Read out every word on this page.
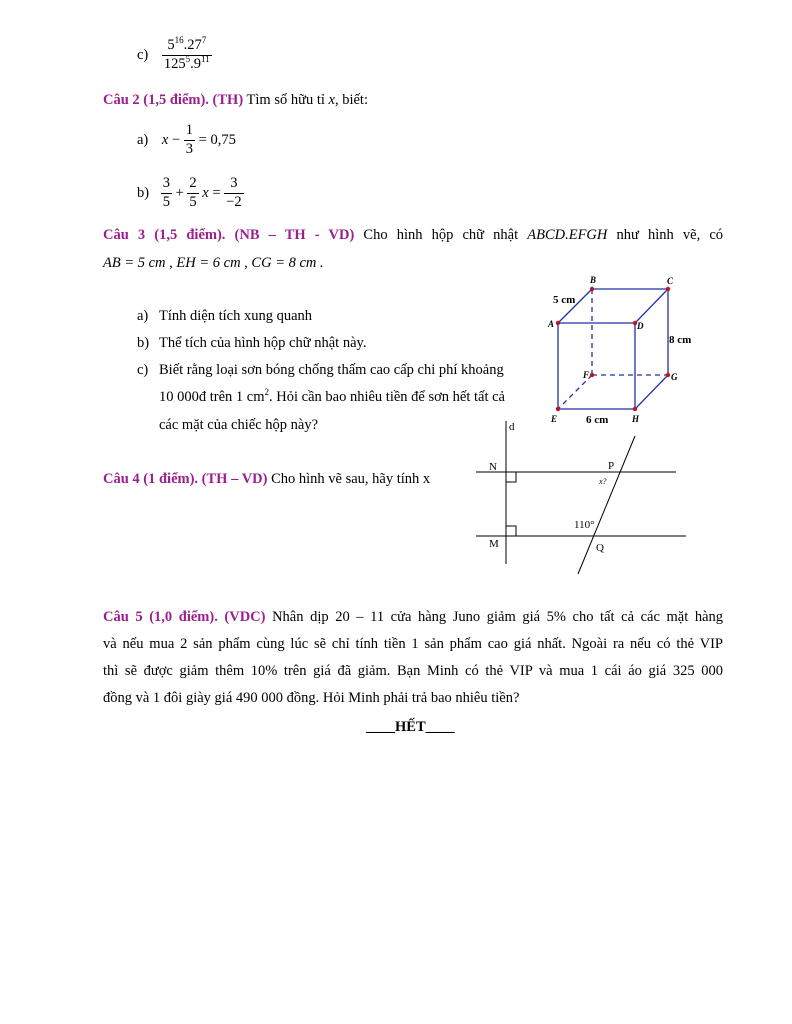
$c) \frac{5^{16}.27^7}{125^5.9^{11}}$
Câu 2 (1,5 điểm). (TH) Tìm số hữu tỉ x, biết:
a) $x - \frac{1}{3} = 0,75$
$b) \frac{3}{5} + \frac{2}{5}$ $x = \frac{3}{-2}$
Câu 3 (1,5 điểm). (NB – TH - VD) Cho hình hộp chữ nhật ABCD.EFGH như hình vẽ, có
AB = 5 cm , EH = 6 cm , CG = 8 cm .
a) Tính diện tích xung quanh
b) Thể tích của hình hộp chữ nhật này.
c) Biết rằng loại sơn bóng chống thấm cao cấp chi phí khoảng
10 000đ trên 1 $cm^2$. Hỏi cần bao nhiêu tiền để sơn hết tất cả
các mặt của chiếc hộp này?
B	C
A	D
F	G
E	H
5 cm
8 cm
6 cm
Câu 4 (1 điểm). (TH – VD) Cho hình vẽ sau, hãy tính x
d
N
M
P
Q
x?
110°
Câu 5 (1,0 điểm). (VDC) Nhân dịp 20 – 11 cửa hàng Juno giảm giá 5% cho tất cả các mặt hàng
và nếu mua 2 sản phẩm cùng lúc sẽ chỉ tính tiền 1 sản phẩm cao giá nhất. Ngoài ra nếu có thẻ VIP
thì sẽ được giảm thêm 10% trên giá đã giảm. Bạn Minh có thẻ VIP và mua 1 cái áo giá 325 000
đồng và 1 đôi giày giá 490 000 đồng. Hỏi Minh phải trả bao nhiêu tiền?
____HẾT____
